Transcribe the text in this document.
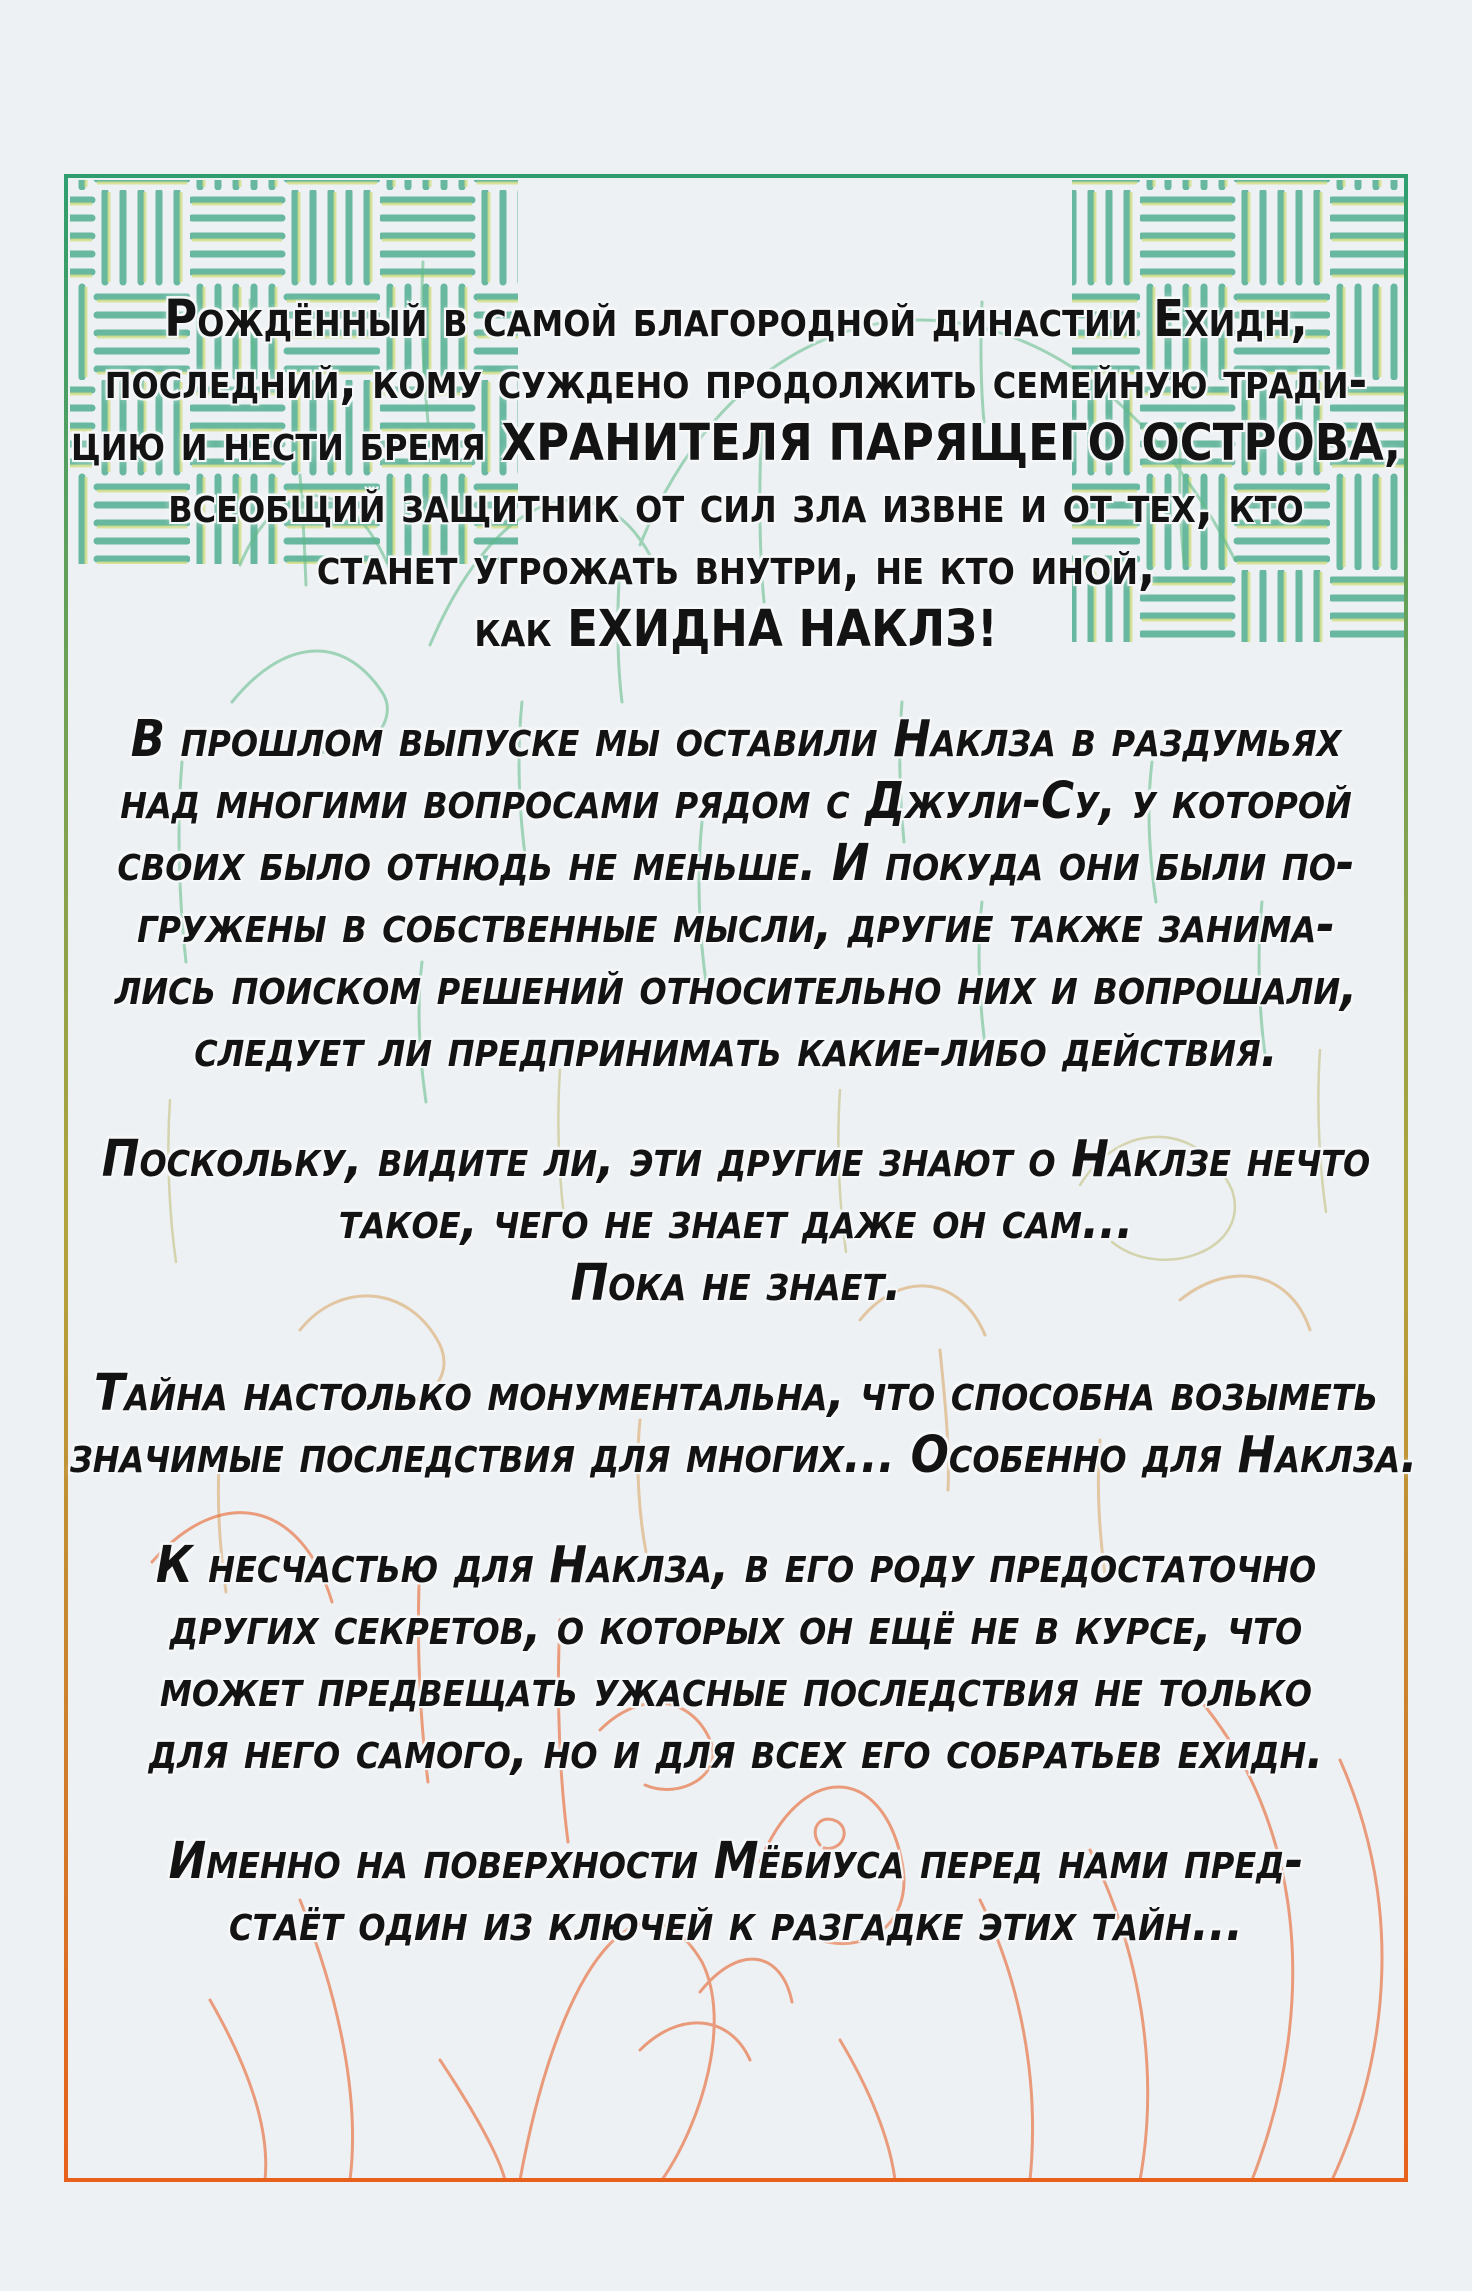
Рождённый в самой благородной династии Ехидн,
последний, кому суждено продолжить семейную тради-
цию и нести бремя ХРАНИТЕЛЯ ПАРЯЩЕГО ОСТРОВА,
всеобщий защитник от сил зла извне и от тех, кто
станет угрожать внутри, не кто иной,
как ЕХИДНА НАКЛЗ!
В прошлом выпуске мы оставили Наклза в раздумьях
над многими вопросами рядом с Джули-Су, у которой
своих было отнюдь не меньше. И покуда они были по-
гружены в собственные мысли, другие также занима-
лись поиском решений относительно них и вопрошали,
следует ли предпринимать какие-либо действия.
Поскольку, видите ли, эти другие знают о Наклзе нечто
такое, чего не знает даже он сам...
Пока не знает.
Тайна настолько монументальна, что способна возыметь
значимые последствия для многих... Особенно для Наклза.
К несчастью для Наклза, в его роду предостаточно
других секретов, о которых он ещё не в курсе, что
может предвещать ужасные последствия не только
для него самого, но и для всех его собратьев ехидн.
Именно на поверхности Мёбиуса перед нами пред-
стаёт один из ключей к разгадке этих тайн...
